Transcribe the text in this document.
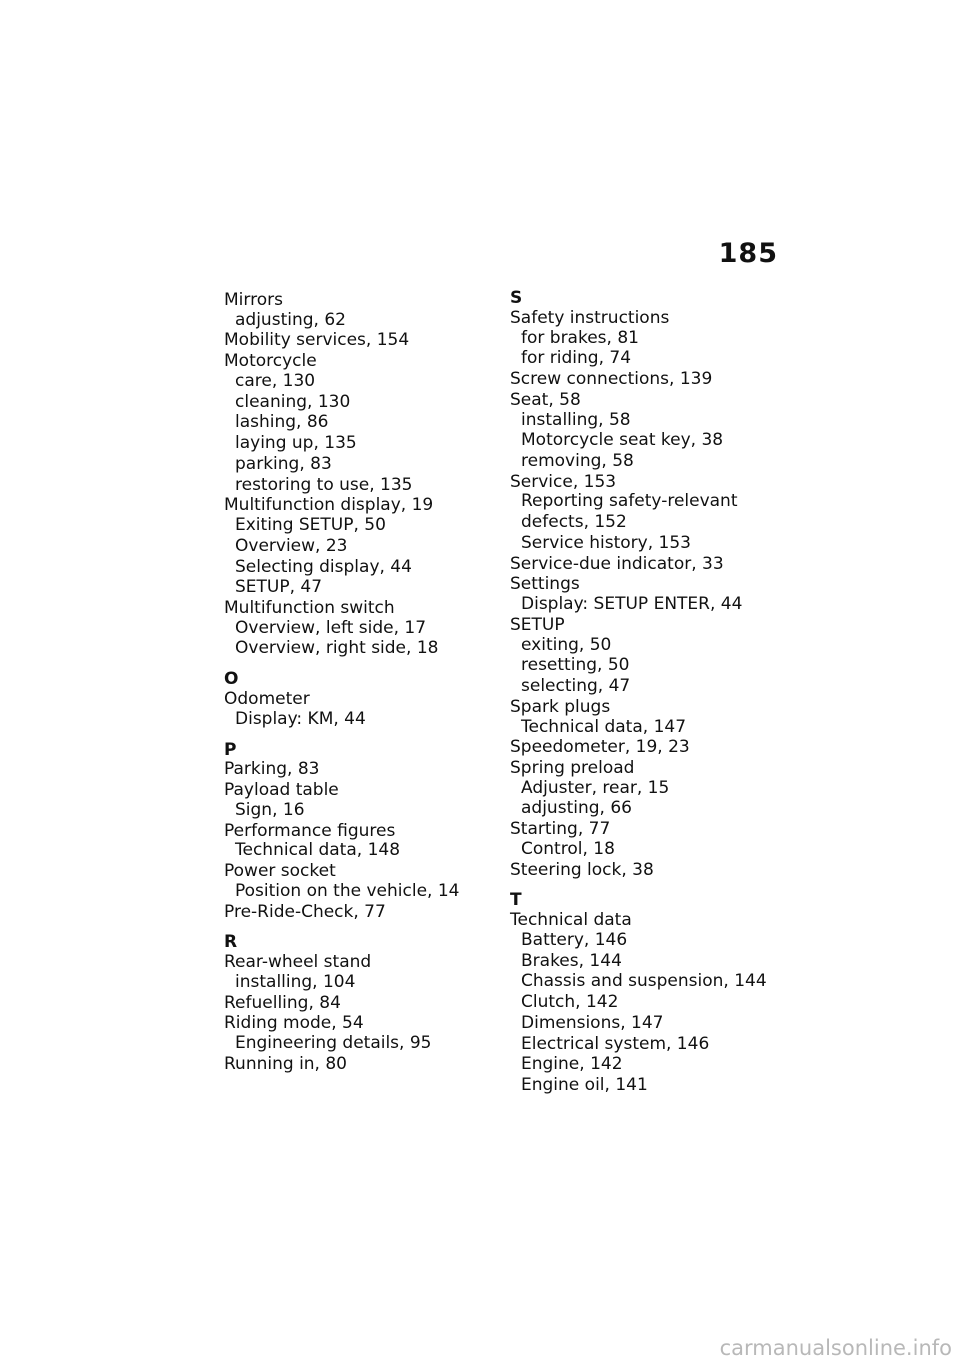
185
Mirrors
adjusting, 62
Mobility services, 154
Motorcycle
care, 130
cleaning, 130
lashing, 86
laying up, 135
parking, 83
restoring to use, 135
Multifunction display, 19
Exiting SETUP, 50
Overview, 23
Selecting display, 44
SETUP, 47
Multifunction switch
Overview, left side, 17
Overview, right side, 18
O
Odometer
Display: KM, 44
P
Parking, 83
Payload table
Sign, 16
Performance figures
Technical data, 148
Power socket
Position on the vehicle, 14
Pre-Ride-Check, 77
R
Rear-wheel stand
installing, 104
Refuelling, 84
Riding mode, 54
Engineering details, 95
Running in, 80
S
Safety instructions
for brakes, 81
for riding, 74
Screw connections, 139
Seat, 58
installing, 58
Motorcycle seat key, 38
removing, 58
Service, 153
Reporting safety-relevant
defects, 152
Service history, 153
Service-due indicator, 33
Settings
Display: SETUP ENTER, 44
SETUP
exiting, 50
resetting, 50
selecting, 47
Spark plugs
Technical data, 147
Speedometer, 19, 23
Spring preload
Adjuster, rear, 15
adjusting, 66
Starting, 77
Control, 18
Steering lock, 38
T
Technical data
Battery, 146
Brakes, 144
Chassis and suspension, 144
Clutch, 142
Dimensions, 147
Electrical system, 146
Engine, 142
Engine oil, 141
carmanualsonline.info
